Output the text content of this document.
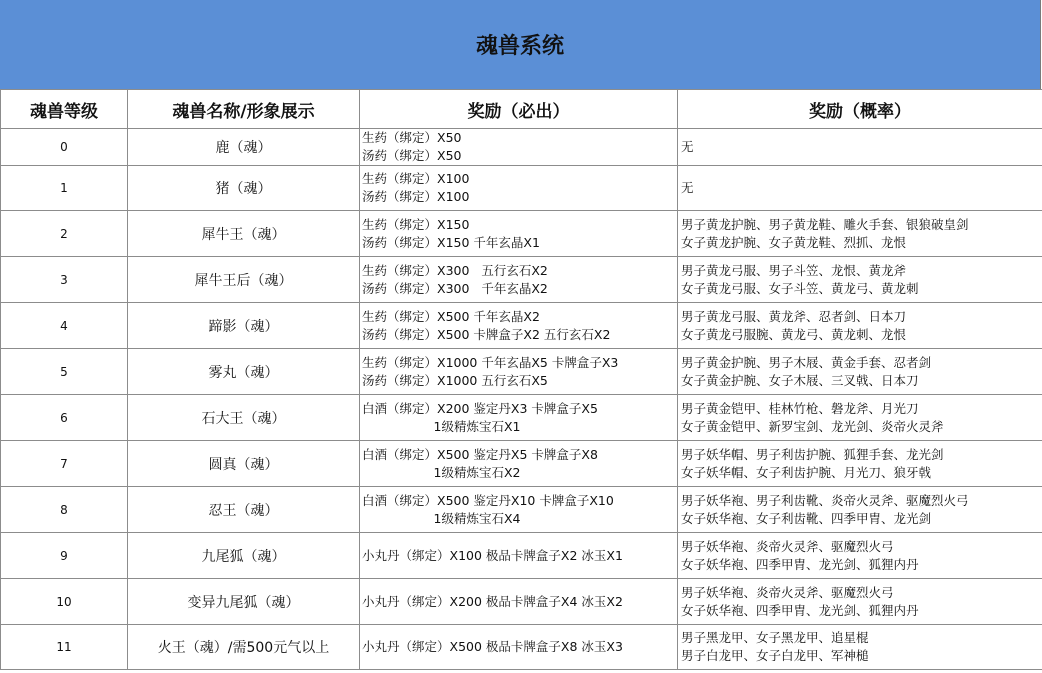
魂兽系统
魂兽等级	魂兽名称/形象展示	奖励（必出）	奖励（概率）
0	鹿（魂）	生药（绑定）X50
汤药（绑定）X50	无

1	猪（魂）	生药（绑定）X100
汤药（绑定）X100	无

2	犀牛王（魂）	生药（绑定）X150
汤药（绑定）X150 千年玄晶X1	男子黄龙护腕、男子黄龙鞋、雕火手套、银狼破皇剑
女子黄龙护腕、女子黄龙鞋、烈抓、龙恨

3	犀牛王后（魂）	生药（绑定）X300   五行玄石X2
汤药（绑定）X300   千年玄晶X2	男子黄龙弓服、男子斗笠、龙恨、黄龙斧
女子黄龙弓服、女子斗笠、黄龙弓、黄龙刺

4	蹄影（魂）	生药（绑定）X500 千年玄晶X2
汤药（绑定）X500 卡牌盒子X2 五行玄石X2	男子黄龙弓服、黄龙斧、忍者剑、日本刀
女子黄龙弓服腕、黄龙弓、黄龙刺、龙恨

5	雾丸（魂）	生药（绑定）X1000 千年玄晶X5 卡牌盒子X3
汤药（绑定）X1000 五行玄石X5	男子黄金护腕、男子木屐、黄金手套、忍者剑
女子黄金护腕、女子木屐、三叉戟、日本刀

6	石大王（魂）	白酒（绑定）X200 鉴定丹X3 卡牌盒子X5
1级精炼宝石X1	男子黄金铠甲、桂林竹枪、磐龙斧、月光刀
女子黄金铠甲、新罗宝剑、龙光剑、炎帝火灵斧

7	圆真（魂）	白酒（绑定）X500 鉴定丹X5 卡牌盒子X8
1级精炼宝石X2	男子妖华帽、男子利齿护腕、狐狸手套、龙光剑
女子妖华帽、女子利齿护腕、月光刀、狼牙戟

8	忍王（魂）	白酒（绑定）X500 鉴定丹X10 卡牌盒子X10
1级精炼宝石X4	男子妖华袍、男子利齿靴、炎帝火灵斧、驱魔烈火弓
女子妖华袍、女子利齿靴、四季甲胄、龙光剑

9	九尾狐（魂）	小丸丹（绑定）X100 极品卡牌盒子X2 冰玉X1	男子妖华袍、炎帝火灵斧、驱魔烈火弓
女子妖华袍、四季甲胄、龙光剑、狐狸内丹

10	变异九尾狐（魂）	小丸丹（绑定）X200 极品卡牌盒子X4 冰玉X2	男子妖华袍、炎帝火灵斧、驱魔烈火弓
女子妖华袍、四季甲胄、龙光剑、狐狸内丹

11	火王（魂）/需500元气以上	小丸丹（绑定）X500 极品卡牌盒子X8 冰玉X3	男子黑龙甲、女子黑龙甲、追星棍
男子白龙甲、女子白龙甲、军神槌
